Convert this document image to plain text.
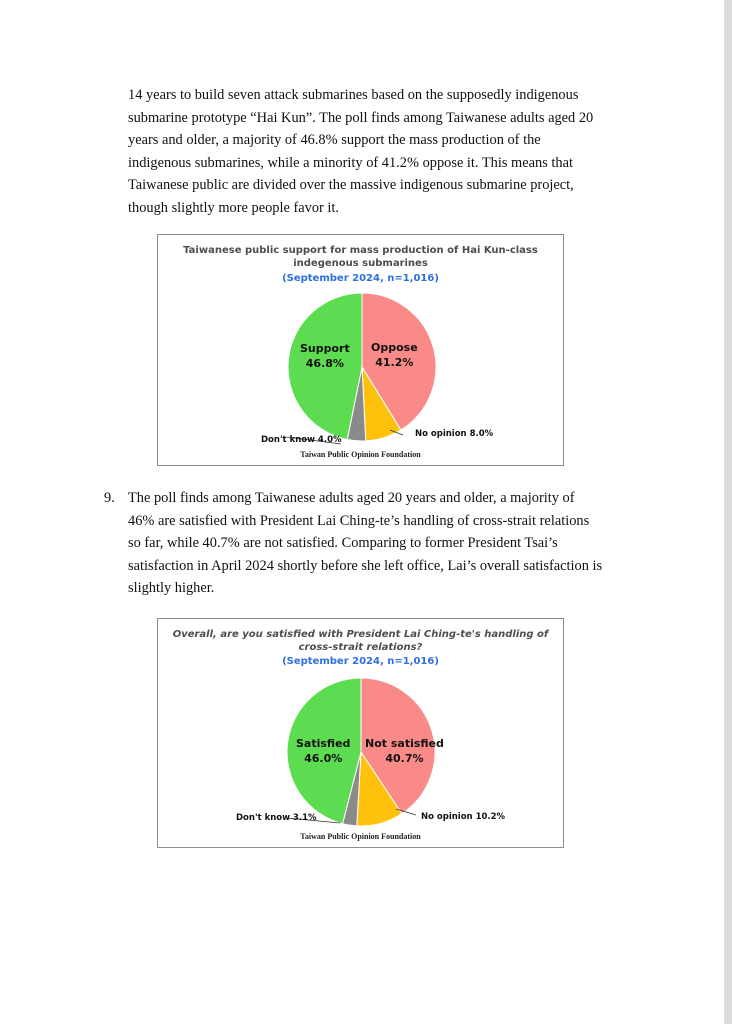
14 years to build seven attack submarines based on the supposedly indigenous
submarine prototype “Hai Kun”. The poll finds among Taiwanese adults aged 20
years and older, a majority of 46.8% support the mass production of the
indigenous submarines, while a minority of 41.2% oppose it. This means that
Taiwanese public are divided over the massive indigenous submarine project,
though slightly more people favor it.

Taiwanese public support for mass production of Hai Kun-class
indegenous submarines
(September 2024, n=1,016)
Support
46.8%
Oppose
41.2%
Don't know 4.0%
No opinion 8.0%
Taiwan Public Opinion Foundation
9. The poll finds among Taiwanese adults aged 20 years and older, a majority of
46% are satisfied with President Lai Ching-te’s handling of cross-strait relations
so far, while 40.7% are not satisfied. Comparing to former President Tsai’s
satisfaction in April 2024 shortly before she left office, Lai’s overall satisfaction is
slightly higher.

Overall, are you satisfied with President Lai Ching-te's handling of
cross-strait relations?
(September 2024, n=1,016)
Satisfied
46.0%
Not satisfied
40.7%
Don't know 3.1%	No opinion 10.2%
Taiwan Public Opinion Foundation
